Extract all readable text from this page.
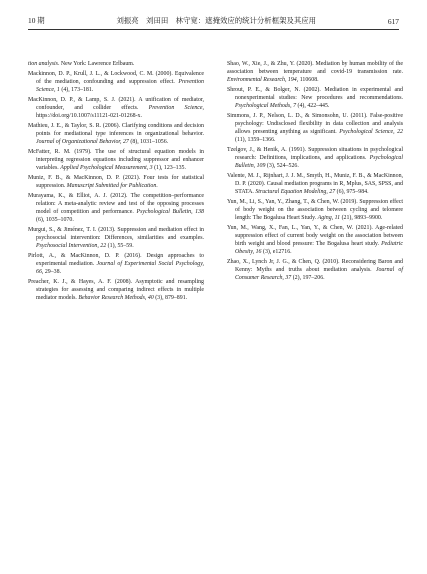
10 期	刘振亮　刘田田　林守宽：遮掩效应的统计分析框架及其应用	617

tion analysis. New York: Lawrence Erlbaum.

Mackinnon, D. P., Krull, J. L., & Lockwood, C. M. (2000). Equivalence of the mediation, confounding and suppression effect. Prevention Science, 1 (4), 173–181.

MacKinnon, D. P., & Lamp, S. J. (2021). A unification of mediator, confounder, and collider effects. Prevention Science, https://doi.org/10.1007/s11121-021-01268-x.

Mathieu, J. E., & Taylor, S. R. (2006). Clarifying conditions and decision points for mediational type inferences in organizational behavior. Journal of Organizational Behavior, 27 (8), 1031–1056.

McFatter, R. M. (1979). The use of structural equation models in interpreting regression equations including suppressor and enhancer variables. Applied Psychological Measurement, 3 (1), 123–135.

Muniz, F. B., & MacKinnon, D. P. (2021). Four tests for statistical suppression. Manuscript Submitted for Publication.

Murayama, K., & Elliot, A. J. (2012). The competition–performance relation: A meta-analytic review and test of the opposing processes model of competition and performance. Psychological Bulletin, 138 (6), 1035–1070.

Murgui, S., & Jiménez, T. I. (2013). Suppression and mediation effect in psychosocial intervention: Differences, similarities and examples. Psychosocial Intervention, 22 (1), 55–59.

Pirlott, A., & MacKinnon, D. P. (2016). Design approaches to experimental mediation. Journal of Experimental Social Psychology, 66, 29–38.

Preacher, K. J., & Hayes, A. F. (2008). Asymptotic and resampling strategies for assessing and comparing indirect effects in multiple mediator models. Behavior Research Methods, 40 (3), 879–891.

Shao, W., Xie, J., & Zhu, Y. (2020). Mediation by human mobility of the association between temperature and covid-19 transmission rate. Environmental Research, 194, 110608.

Shrout, P. E., & Bolger, N. (2002). Mediation in experimental and nonexperimental studies: New procedures and recommendations. Psychological Methods, 7 (4), 422–445.

Simmons, J. P., Nelson, L. D., & Simonsohn, U. (2011). False-positive psychology: Undisclosed flexibility in data collection and analysis allows presenting anything as significant. Psychological Science, 22 (11), 1359–1366.

Tzelgov, J., & Henik, A. (1991). Suppression situations in psychological research: Definitions, implications, and applications. Psychological Bulletin, 109 (3), 524–526.

Valente, M. J., Rijnhart, J. J. M., Smyth, H., Muniz, F. B., & MacKinnon, D. P. (2020). Causal mediation programs in R, Mplus, SAS, SPSS, and STATA. Structural Equation Modeling, 27 (6), 975–984.

Yun, M., Li, S., Yan, Y., Zhang, T., & Chen, W. (2019). Suppression effect of body weight on the association between cycling and telomere length: The Bogalusa Heart Study. Aging, 11 (21), 9893–9900.

Yun, M., Wang, X., Fan, L., Yan, Y., & Chen, W. (2021). Age-related suppression effect of current body weight on the association between birth weight and blood pressure: The Bogalusa heart study. Pediatric Obesity, 16 (3), e12716.

Zhao, X., Lynch Jr, J. G., & Chen, Q. (2010). Reconsidering Baron and Kenny: Myths and truths about mediation analysis. Journal of Consumer Research, 37 (2), 197–206.
